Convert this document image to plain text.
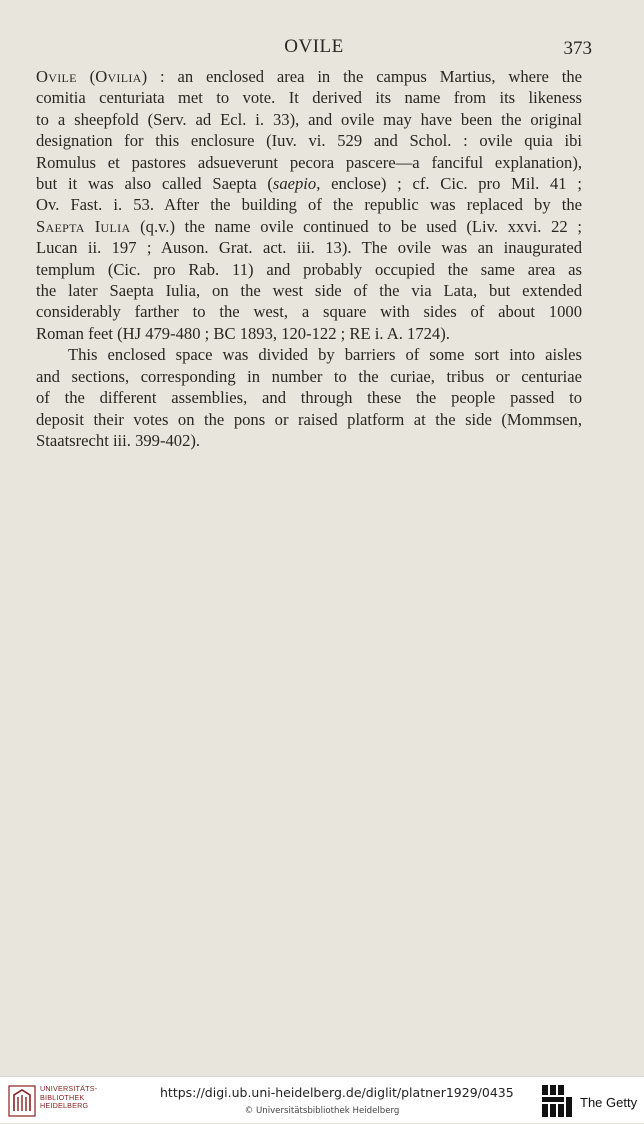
OVILE	373
Ovile (Ovilia) : an enclosed area in the campus Martius, where the
comitia centuriata met to vote. It derived its name from its likeness
to a sheepfold (Serv. ad Ecl. i. 33), and ovile may have been the original
designation for this enclosure (Iuv. vi. 529 and Schol. : ovile quia ibi
Romulus et pastores adsueverunt pecora pascere—a fanciful explanation),
but it was also called Saepta (saepio, enclose) ; cf. Cic. pro Mil. 41 ;
Ov. Fast. i. 53. After the building of the republic was replaced by the
Saepta Iulia (q.v.) the name ovile continued to be used (Liv. xxvi. 22 ;
Lucan ii. 197 ; Auson. Grat. act. iii. 13). The ovile was an inaugurated
templum (Cic. pro Rab. 11) and probably occupied the same area as
the later Saepta Iulia, on the west side of the via Lata, but extended
considerably farther to the west, a square with sides of about 1000
Roman feet (HJ 479-480 ; BC 1893, 120-122 ; RE i. A. 1724).
This enclosed space was divided by barriers of some sort into aisles
and sections, corresponding in number to the curiae, tribus or centuriae
of the different assemblies, and through these the people passed to
deposit their votes on the pons or raised platform at the side (Mommsen,
Staatsrecht iii. 399-402).
UNIVERSITÄTS-
BIBLIOTHEK
HEIDELBERG
https://digi.ub.uni-heidelberg.de/diglit/platner1929/0435
© Universitätsbibliothek Heidelberg
The Getty
